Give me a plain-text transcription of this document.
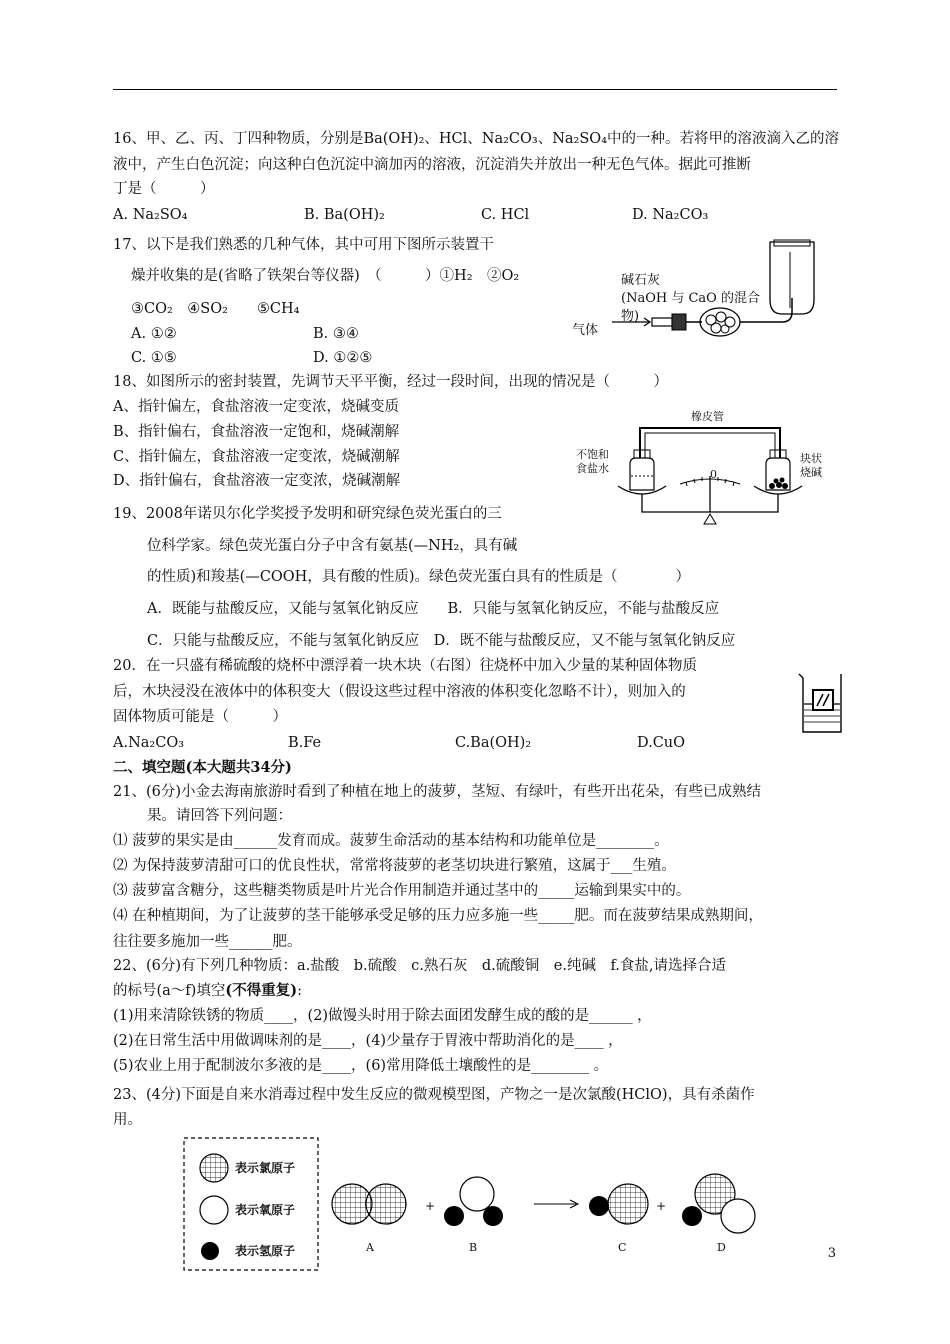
16、甲、乙、丙、丁四种物质，分别是Ba(OH)₂、HCl、Na₂CO₃、Na₂SO₄中的一种。若将甲的溶液滴入乙的溶
液中，产生白色沉淀；向这种白色沉淀中滴加丙的溶液，沉淀消失并放出一种无色气体。据此可推断
丁是（　　　）
A. Na₂SO₄	B. Ba(OH)₂	C. HCl	D. Na₂CO₃
17、以下是我们熟悉的几种气体，其中可用下图所示装置干
燥并收集的是(省略了铁架台等仪器)　（　　　）①H₂　②O₂
③CO₂　④SO₂　　⑤CH₄
A. ①②	B. ③④
C. ①⑤	D. ①②⑤
碱石灰
(NaOH 与 CaO 的混合
物)
气体
18、如图所示的密封装置，先调节天平平衡，经过一段时间，出现的情况是（　　　）
A、指针偏左，食盐溶液一定变浓，烧碱变质
B、指针偏右，食盐溶液一定饱和，烧碱潮解
C、指针偏左，食盐溶液一定变浓，烧碱潮解
D、指针偏右，食盐溶液一定变浓，烧碱潮解
橡皮管
不饱和
食盐水	0
块状
烧碱
19、2008年诺贝尔化学奖授予发明和研究绿色荧光蛋白的三
位科学家。绿色荧光蛋白分子中含有氨基(—NH₂，具有碱
的性质)和羧基(—COOH，具有酸的性质)。绿色荧光蛋白具有的性质是（　　　　）
A．既能与盐酸反应，又能与氢氧化钠反应　　B．只能与氢氧化钠反应，不能与盐酸反应
C．只能与盐酸反应，不能与氢氧化钠反应　D．既不能与盐酸反应，又不能与氢氧化钠反应
20．在一只盛有稀硫酸的烧杯中漂浮着一块木块（右图）往烧杯中加入少量的某种固体物质
后，木块浸没在液体中的体积变大（假设这些过程中溶液的体积变化忽略不计），则加入的
固体物质可能是（　　　）
A.Na₂CO₃	B.Fe	C.Ba(OH)₂	D.CuO
二、填空题(本大题共34分)
21、(6分)小金去海南旅游时看到了种植在地上的菠萝，茎短、有绿叶，有些开出花朵，有些已成熟结
果。请回答下列问题：
⑴ 菠萝的果实是由______发育而成。菠萝生命活动的基本结构和功能单位是________。
⑵ 为保持菠萝清甜可口的优良性状，常常将菠萝的老茎切块进行繁殖，这属于___生殖。
⑶ 菠萝富含糖分，这些糖类物质是叶片光合作用制造并通过茎中的_____运输到果实中的。
⑷ 在种植期间，为了让菠萝的茎干能够承受足够的压力应多施一些_____肥。而在菠萝结果成熟期间，
往往要多施加一些______肥。
22、(6分)有下列几种物质：a.盐酸　b.硫酸　c.熟石灰　d.硫酸铜　e.纯碱　f.食盐,请选择合适
的标号(a～f)填空(不得重复):
(1)用来清除铁锈的物质____，(2)做馒头时用于除去面团发酵生成的酸的是______ ，
(2)在日常生活中用做调味剂的是____，(4)少量存于胃液中帮助消化的是____ ，
(5)农业上用于配制波尔多液的是____，(6)常用降低土壤酸性的是________ 。
23、(4分)下面是自来水消毒过程中发生反应的微观模型图，产物之一是次氯酸(HClO)，具有杀菌作
用。
表示氯原子
表示氧原子
表示氢原子
+	+
A	B	C	D	3
